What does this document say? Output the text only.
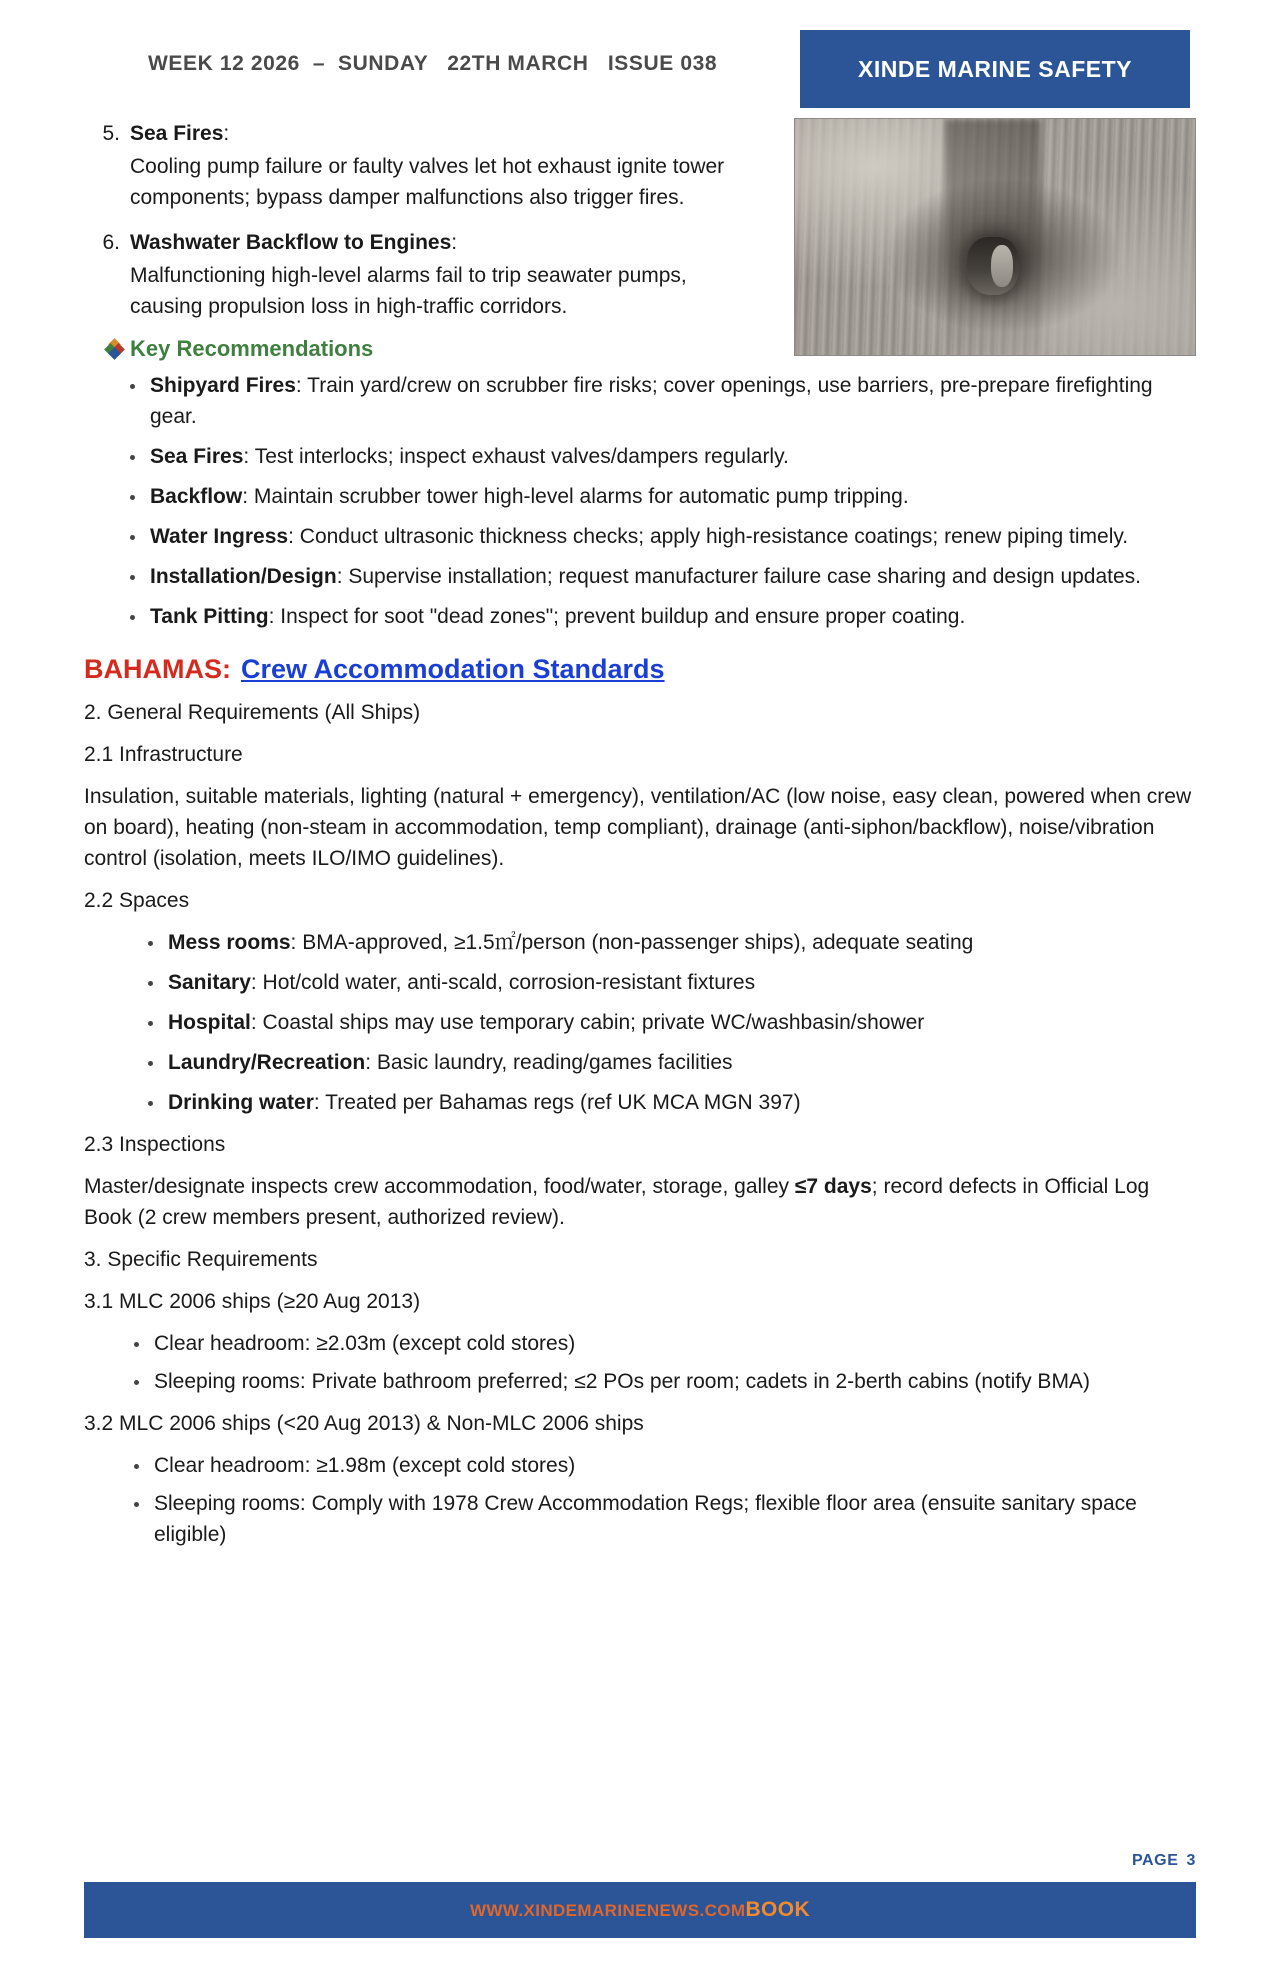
WEEK 12 2026  –  SUNDAY   22TH MARCH   ISSUE 038	XINDE MARINE SAFETY
5. Sea Fires:
Cooling pump failure or faulty valves let hot exhaust ignite tower components; bypass damper malfunctions also trigger fires.
6. Washwater Backflow to Engines:
Malfunctioning high-level alarms fail to trip seawater pumps, causing propulsion loss in high-traffic corridors.
Key Recommendations
Shipyard Fires: Train yard/crew on scrubber fire risks; cover openings, use barriers, pre-prepare firefighting gear.
Sea Fires: Test interlocks; inspect exhaust valves/dampers regularly.
Backflow: Maintain scrubber tower high-level alarms for automatic pump tripping.
Water Ingress: Conduct ultrasonic thickness checks; apply high-resistance coatings; renew piping timely.
Installation/Design: Supervise installation; request manufacturer failure case sharing and design updates.
Tank Pitting: Inspect for soot "dead zones"; prevent buildup and ensure proper coating.
BAHAMAS: Crew Accommodation Standards

2. General Requirements (All Ships)

2.1 Infrastructure

Insulation, suitable materials, lighting (natural + emergency), ventilation/AC (low noise, easy clean, powered when crew on board), heating (non-steam in accommodation, temp compliant), drainage (anti-siphon/backflow), noise/vibration control (isolation, meets ILO/IMO guidelines).

2.2 Spaces

Mess rooms: BMA-approved, ≥1.5㎡/person (non-passenger ships), adequate seating
Sanitary: Hot/cold water, anti-scald, corrosion-resistant fixtures
Hospital: Coastal ships may use temporary cabin; private WC/washbasin/shower
Laundry/Recreation: Basic laundry, reading/games facilities
Drinking water: Treated per Bahamas regs (ref UK MCA MGN 397)

2.3 Inspections

Master/designate inspects crew accommodation, food/water, storage, galley ≤7 days; record defects in Official Log Book (2 crew members present, authorized review).

3. Specific Requirements

3.1 MLC 2006 ships (≥20 Aug 2013)

Clear headroom: ≥2.03m (except cold stores)
Sleeping rooms: Private bathroom preferred; ≤2 POs per room; cadets in 2-berth cabins (notify BMA)

3.2 MLC 2006 ships (<20 Aug 2013) & Non-MLC 2006 ships

Clear headroom: ≥1.98m (except cold stores)
Sleeping rooms: Comply with 1978 Crew Accommodation Regs; flexible floor area (ensuite sanitary space eligible)
PAGE 3
WWW.XINDEMARINENEWS.COMBOOK
